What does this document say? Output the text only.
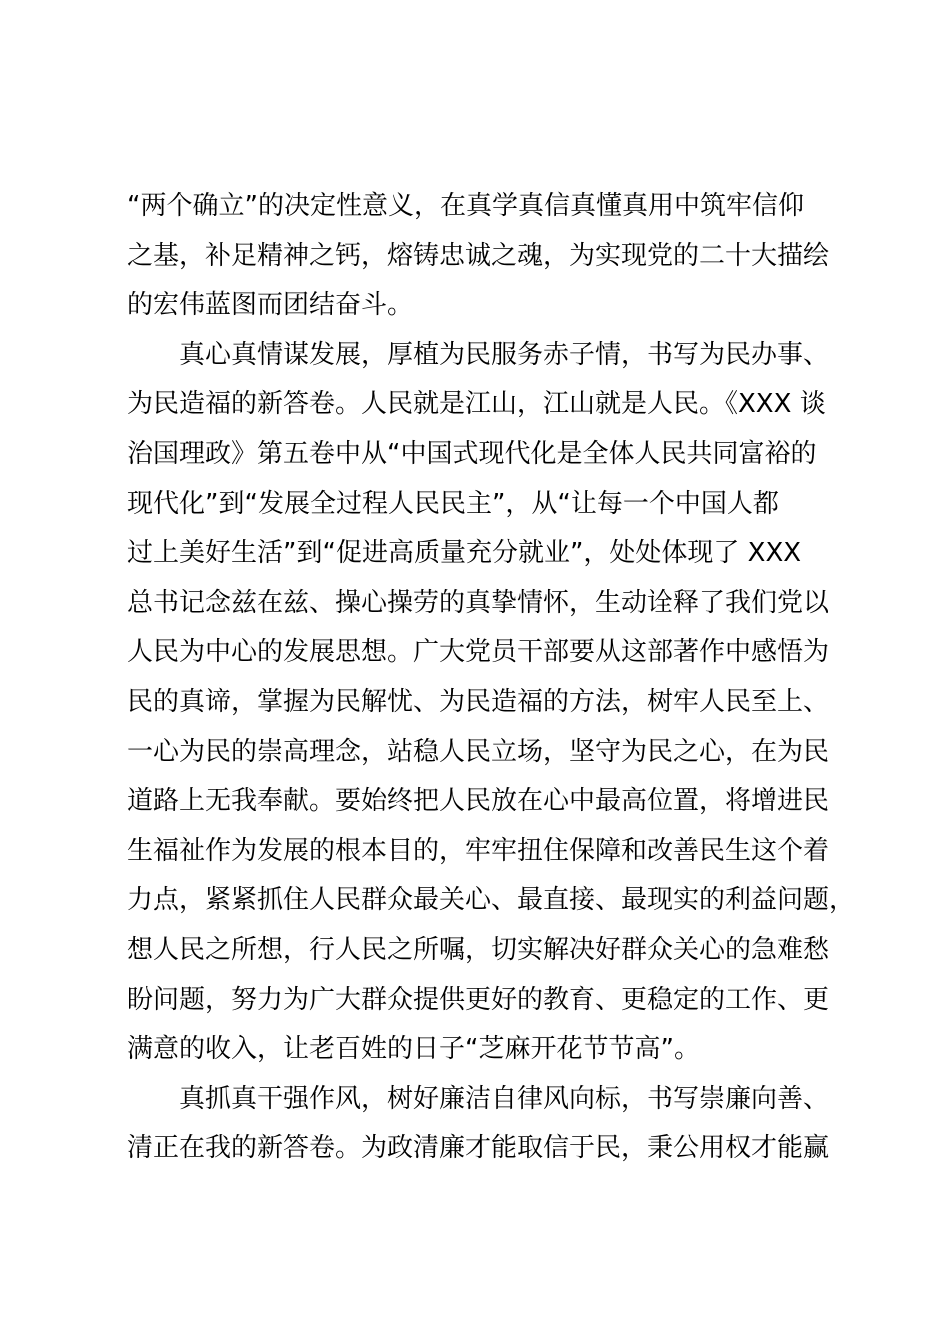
“两个确立”的决定性意义，在真学真信真懂真用中筑牢信仰
之基，补足精神之钙，熔铸忠诚之魂，为实现党的二十大描绘
的宏伟蓝图而团结奋斗。
真心真情谋发展，厚植为民服务赤子情，书写为民办事、
为民造福的新答卷。人民就是江山，江山就是人民。《XXX 谈
治国理政》第五卷中从“中国式现代化是全体人民共同富裕的
现代化”到“发展全过程人民民主”，从“让每一个中国人都
过上美好生活”到“促进高质量充分就业”，处处体现了 XXX
总书记念兹在兹、操心操劳的真挚情怀，生动诠释了我们党以
人民为中心的发展思想。广大党员干部要从这部著作中感悟为
民的真谛，掌握为民解忧、为民造福的方法，树牢人民至上、
一心为民的崇高理念，站稳人民立场，坚守为民之心，在为民
道路上无我奉献。要始终把人民放在心中最高位置，将增进民
生福祉作为发展的根本目的，牢牢扭住保障和改善民生这个着
力点，紧紧抓住人民群众最关心、最直接、最现实的利益问题，
想人民之所想，行人民之所嘱，切实解决好群众关心的急难愁
盼问题，努力为广大群众提供更好的教育、更稳定的工作、更
满意的收入，让老百姓的日子“芝麻开花节节高”。
真抓真干强作风，树好廉洁自律风向标，书写崇廉向善、
清正在我的新答卷。为政清廉才能取信于民，秉公用权才能赢
